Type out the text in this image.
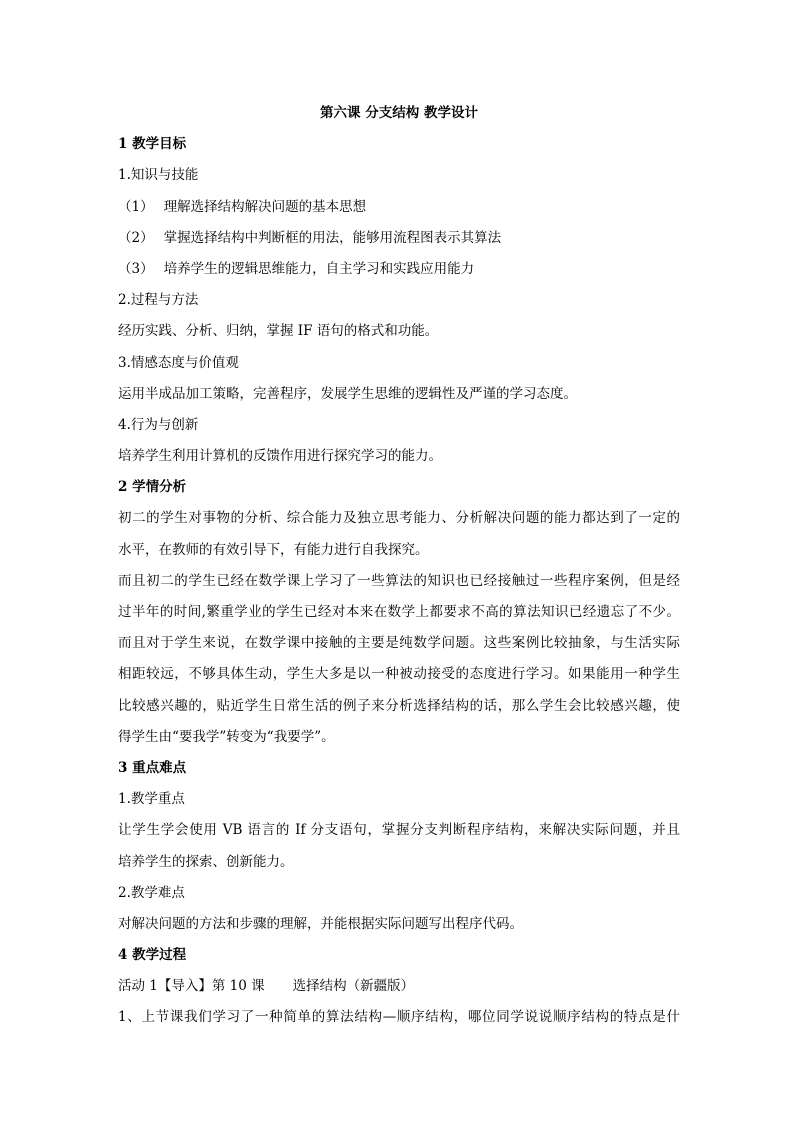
第六课 分支结构 教学设计
1 教学目标
1.知识与技能
（1） 理解选择结构解决问题的基本思想
（2） 掌握选择结构中判断框的用法，能够用流程图表示其算法
（3） 培养学生的逻辑思维能力，自主学习和实践应用能力
2.过程与方法
经历实践、分析、归纳，掌握 IF 语句的格式和功能。
3.情感态度与价值观
运用半成品加工策略，完善程序，发展学生思维的逻辑性及严谨的学习态度。
4.行为与创新
培养学生利用计算机的反馈作用进行探究学习的能力。
2 学情分析
初二的学生对事物的分析、综合能力及独立思考能力、分析解决问题的能力都达到了一定的
水平，在教师的有效引导下，有能力进行自我探究。
而且初二的学生已经在数学课上学习了一些算法的知识也已经接触过一些程序案例，但是经
过半年的时间,繁重学业的学生已经对本来在数学上都要求不高的算法知识已经遗忘了不少。
而且对于学生来说，在数学课中接触的主要是纯数学问题。这些案例比较抽象，与生活实际
相距较远，不够具体生动，学生大多是以一种被动接受的态度进行学习。如果能用一种学生
比较感兴趣的，贴近学生日常生活的例子来分析选择结构的话，那么学生会比较感兴趣，使
得学生由“要我学”转变为“我要学”。
3 重点难点
1.教学重点
让学生学会使用 VB 语言的 If 分支语句，掌握分支判断程序结构，来解决实际问题，并且
培养学生的探索、创新能力。
2.教学难点
对解决问题的方法和步骤的理解，并能根据实际问题写出程序代码。
4 教学过程
活动 1【导入】第 10 课 选择结构（新疆版）
1、上节课我们学习了一种简单的算法结构—顺序结构，哪位同学说说顺序结构的特点是什
